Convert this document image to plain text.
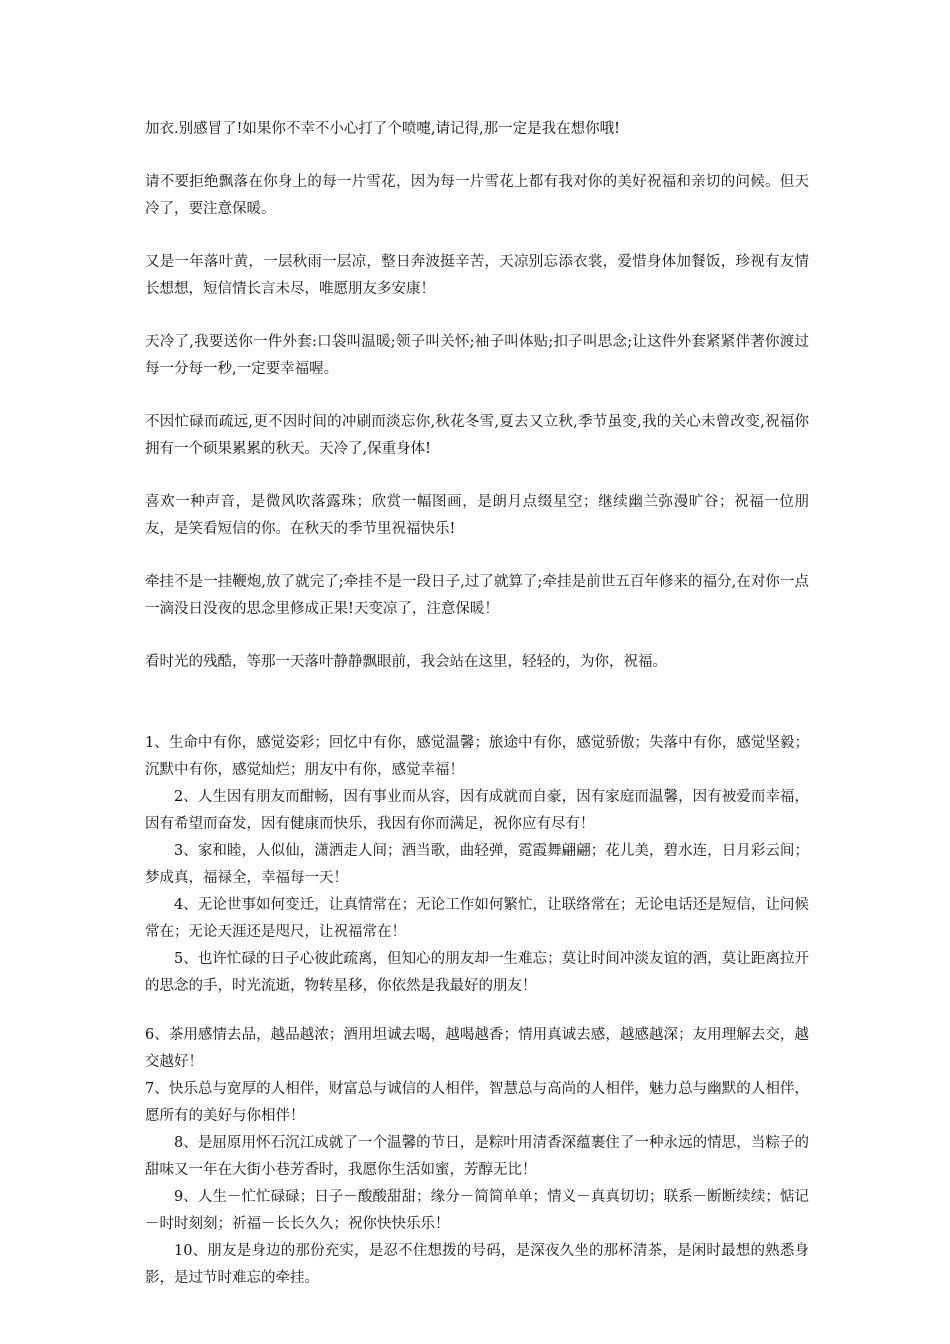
加衣.别感冒了!如果你不幸不小心打了个喷嚏,请记得,那一定是我在想你哦!

请不要拒绝飘落在你身上的每一片雪花，因为每一片雪花上都有我对你的美好祝福和亲切的问候。但天冷了，要注意保暖。

又是一年落叶黄，一层秋雨一层凉，整日奔波挺辛苦，天凉别忘添衣裳，爱惜身体加餐饭，珍视有友情长想想，短信情长言未尽，唯愿朋友多安康！

天冷了,我要送你一件外套:口袋叫温暖;领子叫关怀;袖子叫体贴;扣子叫思念;让这件外套紧紧伴著你渡过每一分每一秒,一定要幸福喔。

不因忙碌而疏远,更不因时间的冲刷而淡忘你,秋花冬雪,夏去又立秋,季节虽变,我的关心未曾改变,祝福你拥有一个硕果累累的秋天。天冷了,保重身体!

喜欢一种声音，是微风吹落露珠；欣赏一幅图画，是朗月点缀星空；继续幽兰弥漫旷谷；祝福一位朋友，是笑看短信的你。在秋天的季节里祝福快乐!

牵挂不是一挂鞭炮,放了就完了;牵挂不是一段日子,过了就算了;牵挂是前世五百年修来的福分,在对你一点一滴没日没夜的思念里修成正果!天变凉了，注意保暖！

看时光的残酷，等那一天落叶静静飘眼前，我会站在这里，轻轻的，为你，祝福。

1、生命中有你，感觉姿彩；回忆中有你，感觉温馨；旅途中有你，感觉骄傲；失落中有你，感觉坚毅；沉默中有你，感觉灿烂；朋友中有你，感觉幸福！

2、人生因有朋友而酣畅，因有事业而从容，因有成就而自豪，因有家庭而温馨，因有被爱而幸福，因有希望而奋发，因有健康而快乐，我因有你而满足，祝你应有尽有！

3、家和睦，人似仙，潇洒走人间；酒当歌，曲轻弹，霓霞舞翩翩；花儿美，碧水连，日月彩云间；梦成真，福禄全，幸福每一天！

4、无论世事如何变迁，让真情常在；无论工作如何繁忙，让联络常在；无论电话还是短信，让问候常在；无论天涯还是咫尺，让祝福常在！

5、也许忙碌的日子心彼此疏离，但知心的朋友却一生难忘；莫让时间冲淡友谊的酒，莫让距离拉开的思念的手，时光流逝，物转星移，你依然是我最好的朋友！

6、茶用感情去品，越品越浓；酒用坦诚去喝，越喝越香；情用真诚去感，越感越深；友用理解去交，越交越好！

7、快乐总与宽厚的人相伴，财富总与诚信的人相伴，智慧总与高尚的人相伴，魅力总与幽默的人相伴，愿所有的美好与你相伴！

8、是屈原用怀石沉江成就了一个温馨的节日，是粽叶用清香深蕴裹住了一种永远的情思，当粽子的甜味又一年在大街小巷芳香时，我愿你生活如蜜，芳醇无比！

9、人生－忙忙碌碌；日子－酸酸甜甜；缘分－简简单单；情义－真真切切；联系－断断续续；惦记－时时刻刻；祈福－长长久久；祝你快快乐乐！

10、朋友是身边的那份充实，是忍不住想拨的号码，是深夜久坐的那杯清茶，是闲时最想的熟悉身影，是过节时难忘的牵挂。
